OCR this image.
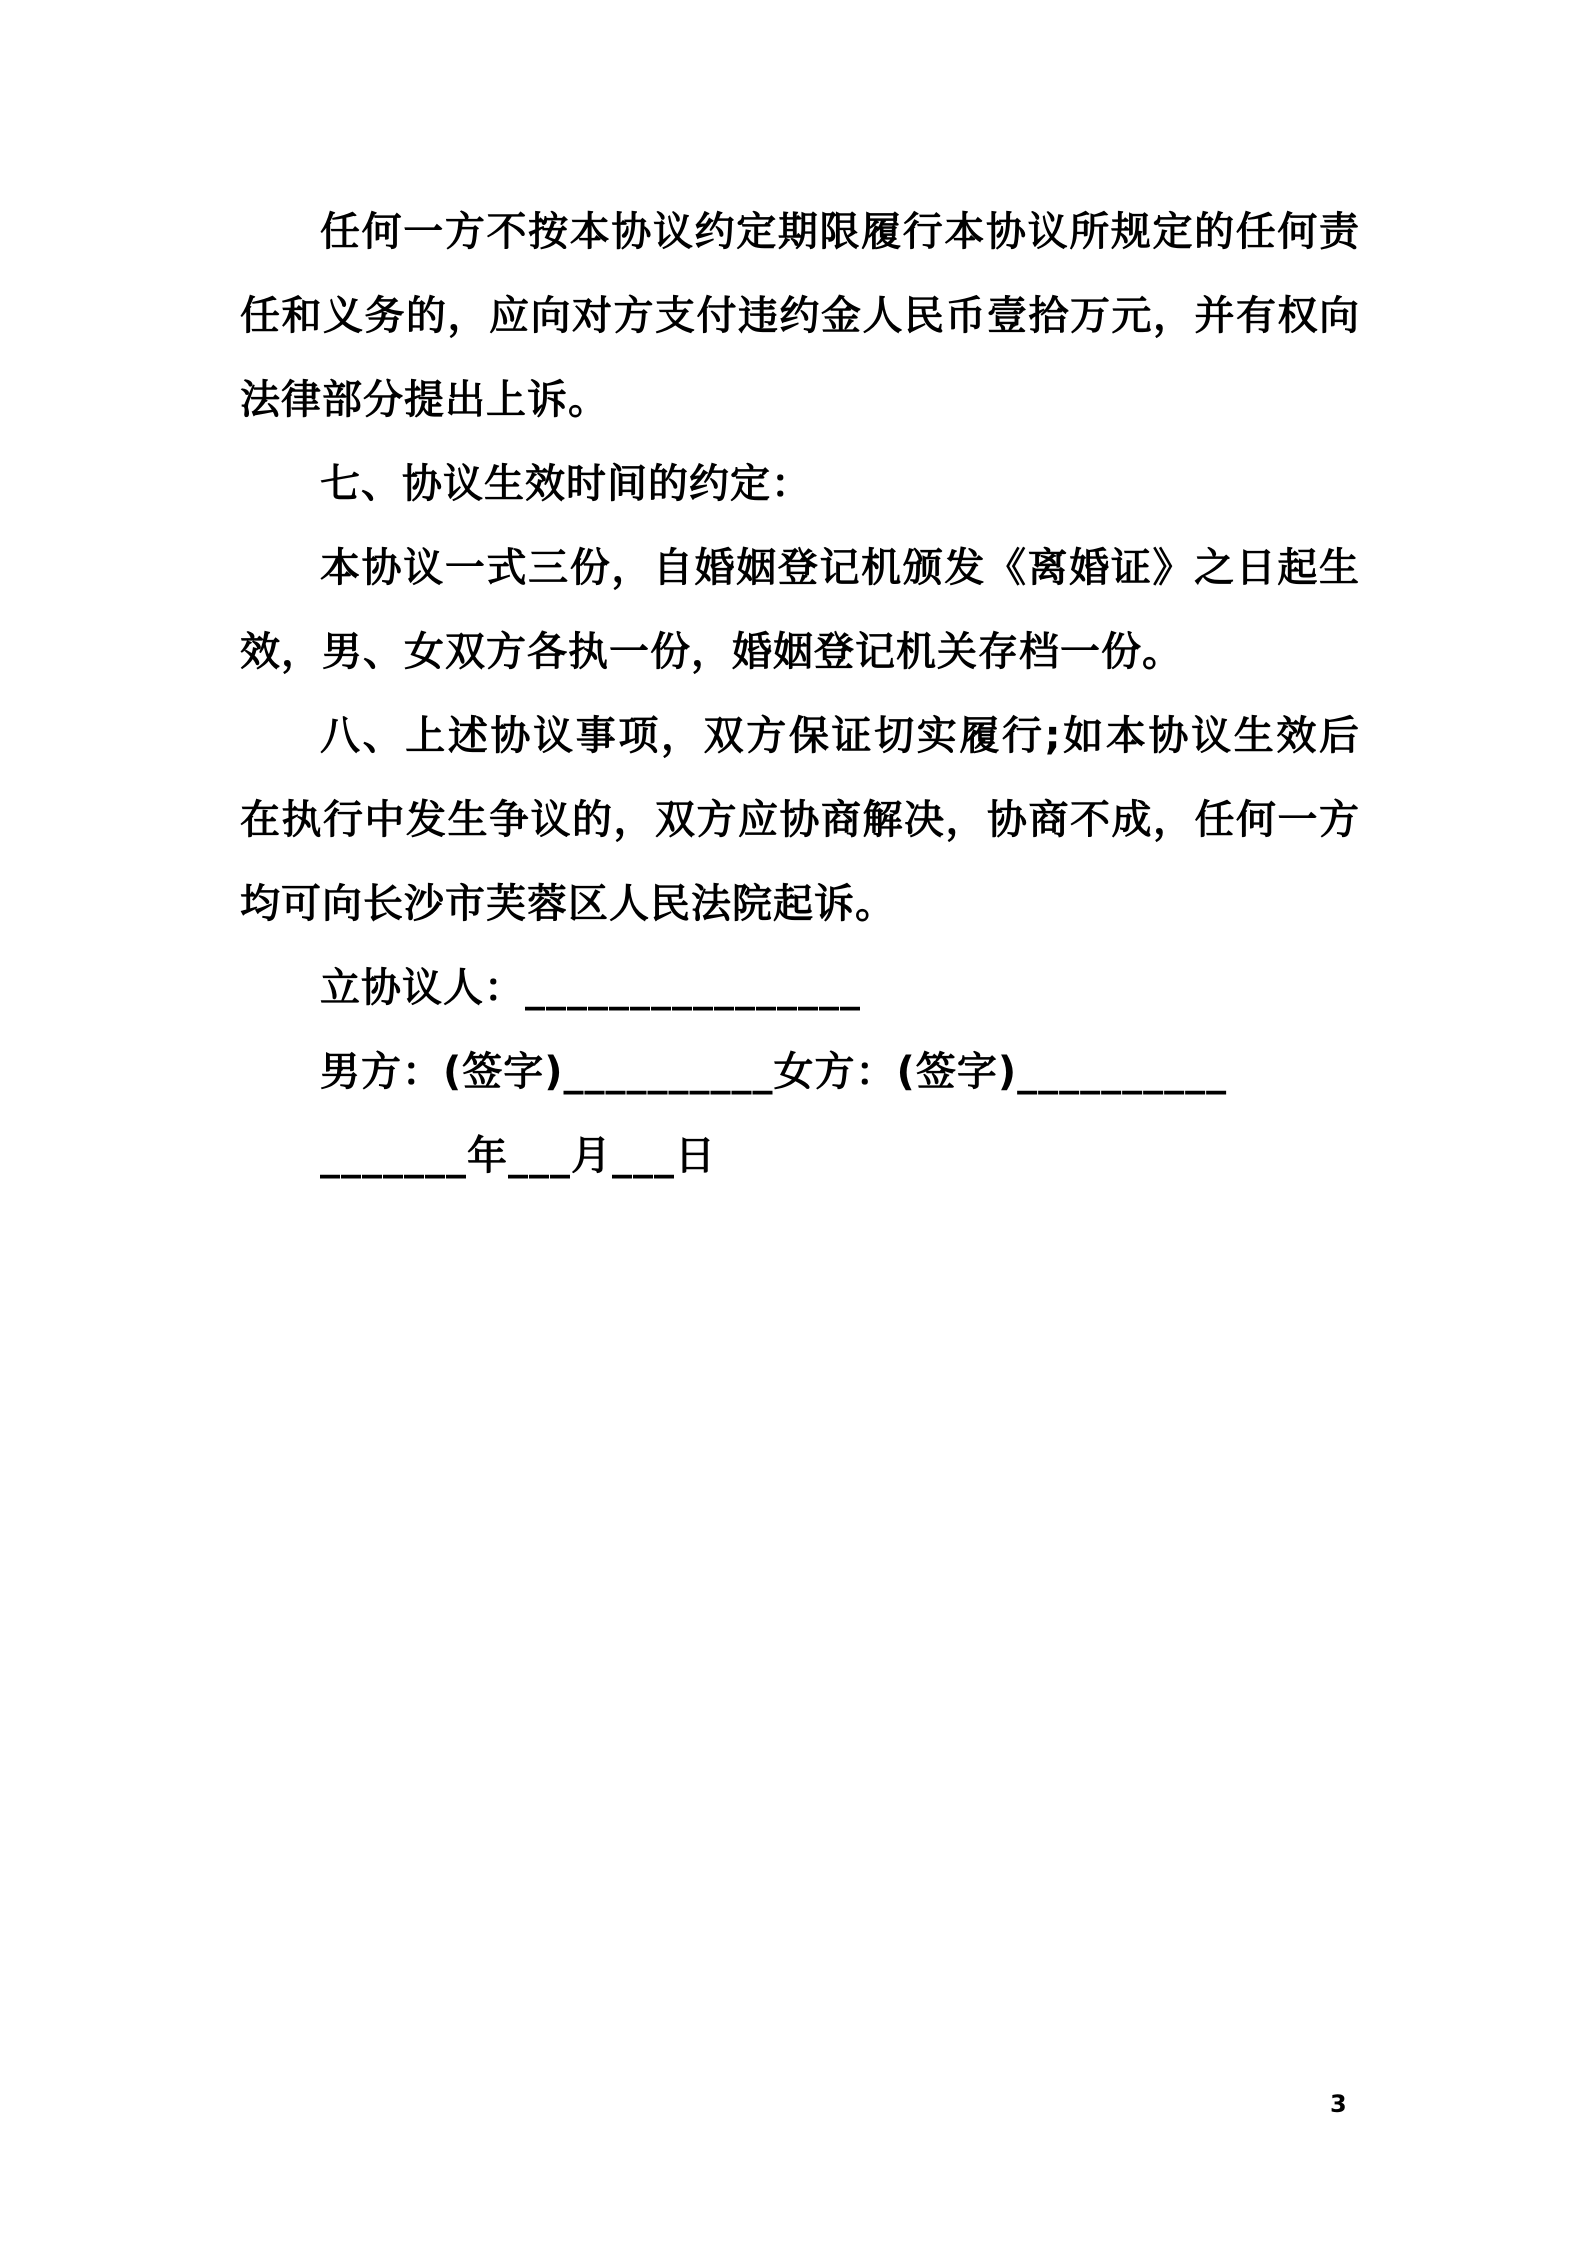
任何一方不按本协议约定期限履行本协议所规定的任何责任和义务的，应向对方支付违约金人民币壹拾万元，并有权向法律部分提出上诉。

七、协议生效时间的约定：

本协议一式三份，自婚姻登记机颁发《离婚证》之日起生效，男、女双方各执一份，婚姻登记机关存档一份。

八、上述协议事项，双方保证切实履行;如本协议生效后在执行中发生争议的，双方应协商解决，协商不成，任何一方均可向长沙市芙蓉区人民法院起诉。

立协议人：________________

男方：(签字)__________女方：(签字)__________

_______年___月___日

3
